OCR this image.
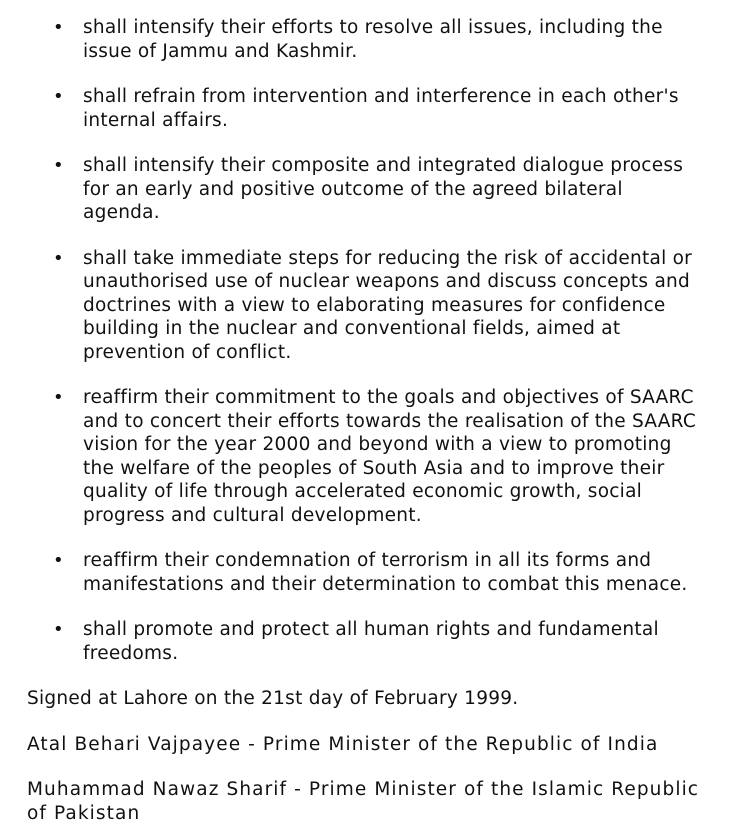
• shall intensify their efforts to resolve all issues, including the issue of Jammu and Kashmir.
• shall refrain from intervention and interference in each other's internal affairs.
• shall intensify their composite and integrated dialogue process for an early and positive outcome of the agreed bilateral agenda.
• shall take immediate steps for reducing the risk of accidental or unauthorised use of nuclear weapons and discuss concepts and doctrines with a view to elaborating measures for confidence building in the nuclear and conventional fields, aimed at prevention of conflict.
• reaffirm their commitment to the goals and objectives of SAARC and to concert their efforts towards the realisation of the SAARC vision for the year 2000 and beyond with a view to promoting the welfare of the peoples of South Asia and to improve their quality of life through accelerated economic growth, social progress and cultural development.
• reaffirm their condemnation of terrorism in all its forms and manifestations and their determination to combat this menace.
• shall promote and protect all human rights and fundamental freedoms.

Signed at Lahore on the 21st day of February 1999.

Atal Behari Vajpayee - Prime Minister of the Republic of India

Muhammad Nawaz Sharif - Prime Minister of the Islamic Republic of Pakistan
